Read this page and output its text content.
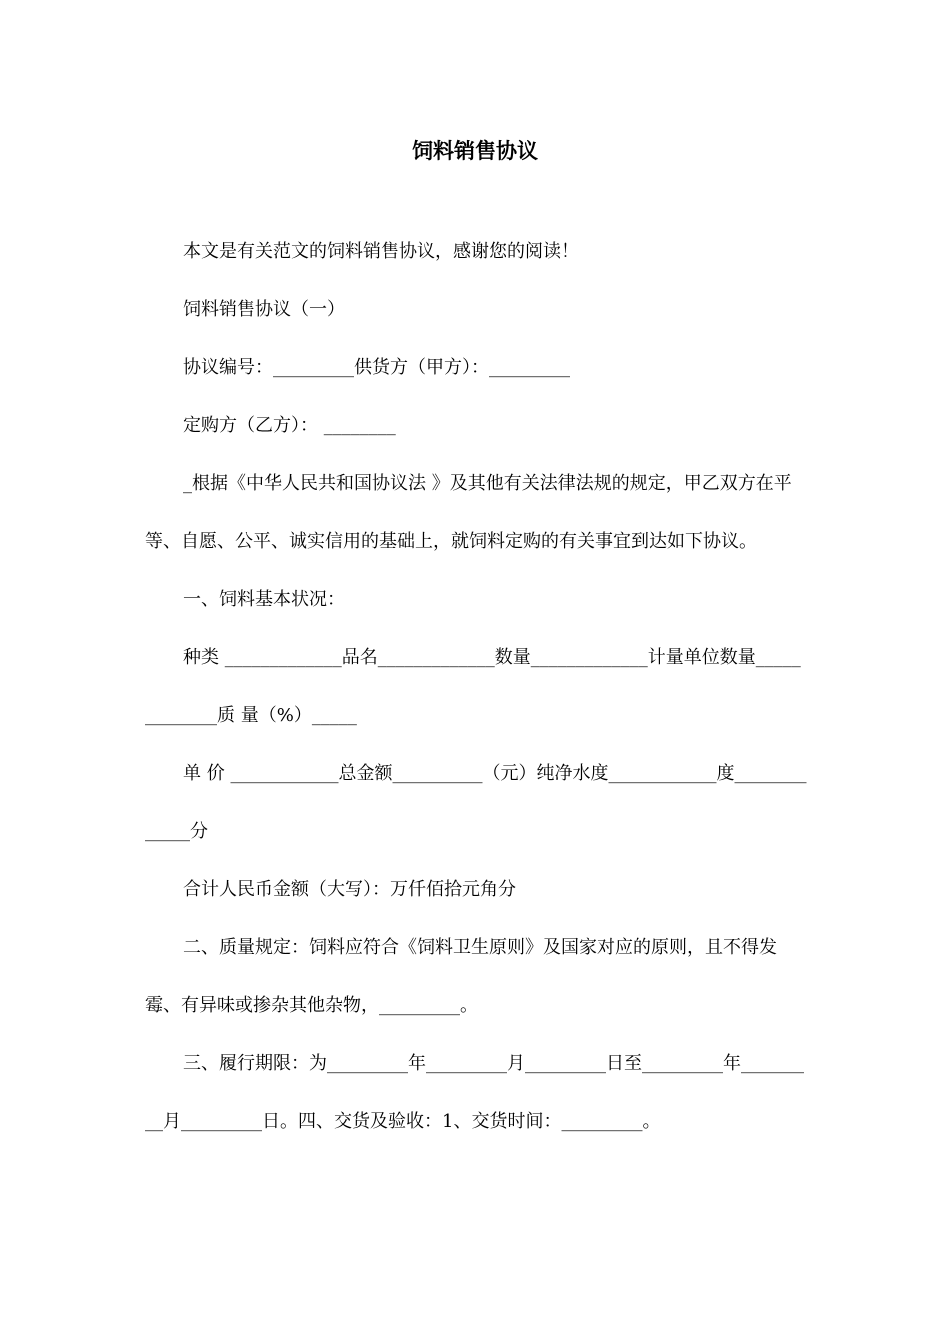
饲料销售协议

本文是有关范文的饲料销售协议，感谢您的阅读！

饲料销售协议（一）

协议编号：_________供货方（甲方）：_________

定购方（乙方）： ________

_根据《中华人民共和国协议法 》及其他有关法律法规的规定，甲乙双方在平等、自愿、公平、诚实信用的基础上，就饲料定购的有关事宜到达如下协议。

一、饲料基本状况：

种类 _____________品名_____________数量_____________计量单位数量_____________质 量（%）_____

单 价 ____________总金额__________（元）纯净水度____________度_____________分

合计人民币金额（大写）：万仟佰拾元角分

二、质量规定：饲料应符合《饲料卫生原则》及国家对应的原则，且不得发霉、有异味或掺杂其他杂物，_________。

三、履行期限：为_________年_________月_________日至_________年_________月_________日。四、交货及验收：1、交货时间：_________。
